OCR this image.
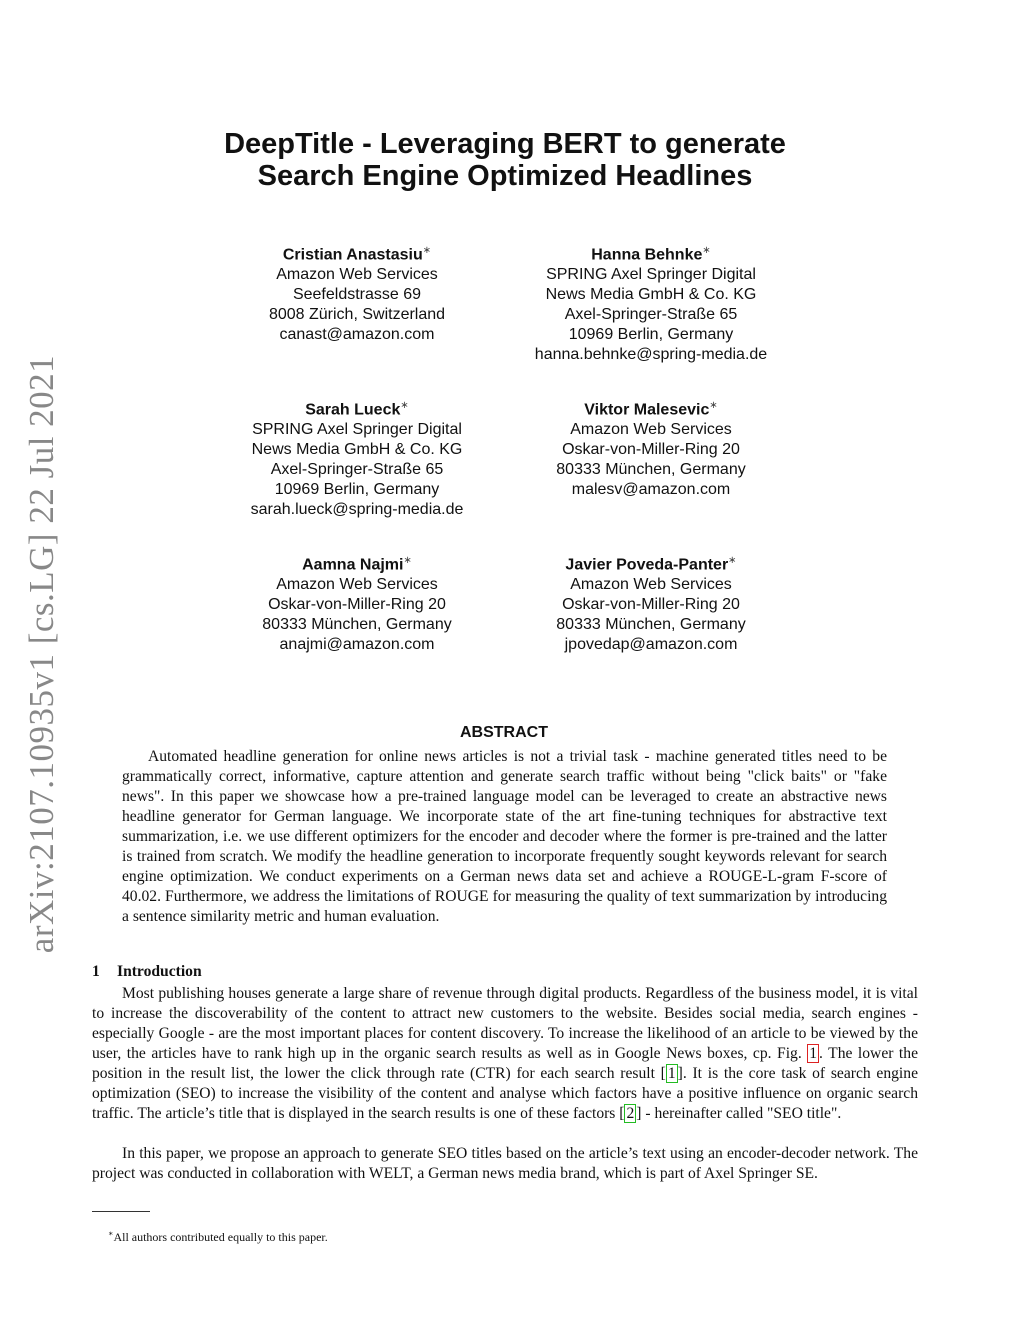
arXiv:2107.10935v1 [cs.LG] 22 Jul 2021
DeepTitle - Leveraging BERT to generate
Search Engine Optimized Headlines
Cristian Anastasiu∗
Amazon Web Services
Seefeldstrasse 69
8008 Zürich, Switzerland
canast@amazon.com
Hanna Behnke∗
SPRING Axel Springer Digital
News Media GmbH & Co. KG
Axel-Springer-Straße 65
10969 Berlin, Germany
hanna.behnke@spring-media.de
Sarah Lueck∗
SPRING Axel Springer Digital
News Media GmbH & Co. KG
Axel-Springer-Straße 65
10969 Berlin, Germany
sarah.lueck@spring-media.de
Viktor Malesevic∗
Amazon Web Services
Oskar-von-Miller-Ring 20
80333 München, Germany
malesv@amazon.com
Aamna Najmi∗
Amazon Web Services
Oskar-von-Miller-Ring 20
80333 München, Germany
anajmi@amazon.com
Javier Poveda-Panter∗
Amazon Web Services
Oskar-von-Miller-Ring 20
80333 München, Germany
jpovedap@amazon.com
ABSTRACT
Automated headline generation for online news articles is not a trivial task - machine generated titles need to be grammatically correct, informative, capture attention and generate search traffic without being "click baits" or "fake news". In this paper we showcase how a pre-trained language model can be leveraged to create an abstractive news headline generator for German language. We incorporate state of the art fine-tuning techniques for abstractive text summarization, i.e. we use different optimizers for the encoder and decoder where the former is pre-trained and the latter is trained from scratch. We modify the headline generation to incorporate frequently sought keywords relevant for search engine optimization. We conduct experiments on a German news data set and achieve a ROUGE-L-gram F-score of 40.02. Furthermore, we address the limitations of ROUGE for measuring the quality of text summarization by introducing a sentence similarity metric and human evaluation.
1 Introduction
Most publishing houses generate a large share of revenue through digital products. Regardless of the business model, it is vital to increase the discoverability of the content to attract new customers to the website. Besides social media, search engines - especially Google - are the most important places for content discovery. To increase the likelihood of an article to be viewed by the user, the articles have to rank high up in the organic search results as well as in Google News boxes, cp. Fig. 1 . The lower the position in the result list, the lower the click through rate (CTR) for each search result [ 1 ]. It is the core task of search engine optimization (SEO) to increase the visibility of the content and analyse which factors have a positive influence on organic search traffic. The article’s title that is displayed in the search results is one of these factors [ 2 ] - hereinafter called "SEO title".
In this paper, we propose an approach to generate SEO titles based on the article’s text using an encoder-decoder network. The project was conducted in collaboration with WELT, a German news media brand, which is part of Axel Springer SE.
∗All authors contributed equally to this paper.
